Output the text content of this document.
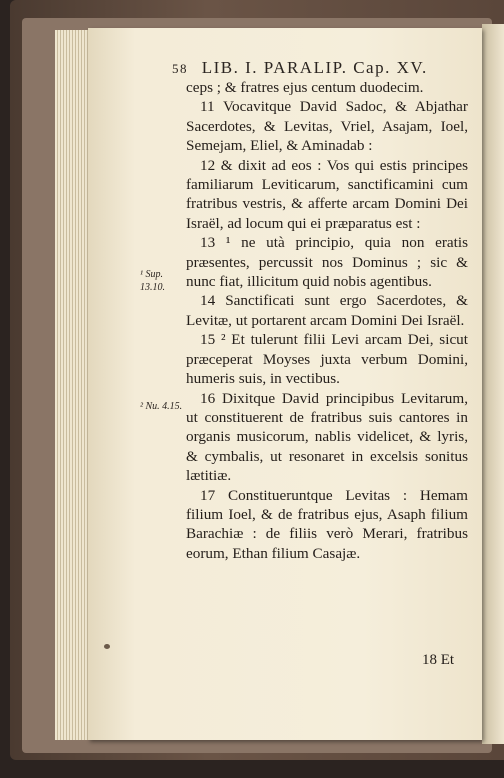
58 LIB. I. PARALIP. Cap. XV.

ceps ; & fratres ejus centum duodecim.

11 Vocavitque David Sadoc, & Abjathar Sacerdotes, & Levitas, Vriel, Asajam, Ioel, Semejam, Eliel, & Aminadab :

12 & dixit ad eos : Vos qui estis principes familiarum Leviticarum, sanctificamini cum fratribus vestris, & afferte arcam Domini Dei Israël, ad locum qui ei præparatus est :

13 ¹ ne utà principio, quia non eratis præsentes, percussit nos Dominus ; sic & nunc fiat, illicitum quid nobis agentibus.

14 Sanctificati sunt ergo Sacerdotes, & Levitæ, ut portarent arcam Domini Dei Israël.

15 ² Et tulerunt filii Levi arcam Dei, sicut præceperat Moyses juxta verbum Domini, humeris suis, in vectibus.

16 Dixitque David principibus Levitarum, ut constituerent de fratribus suis cantores in organis musicorum, nablis videlicet, & lyris, & cymbalis, ut resonaret in excelsis sonitus lætitiæ.

17 Constitueruntque Levitas : Hemam filium Ioel, & de fratribus ejus, Asaph filium Barachiæ : de filiis verò Merari, fratribus eorum, Ethan filium Casajæ.

¹ Sup. 13.10.
² Nu. 4.15.
18 Et
